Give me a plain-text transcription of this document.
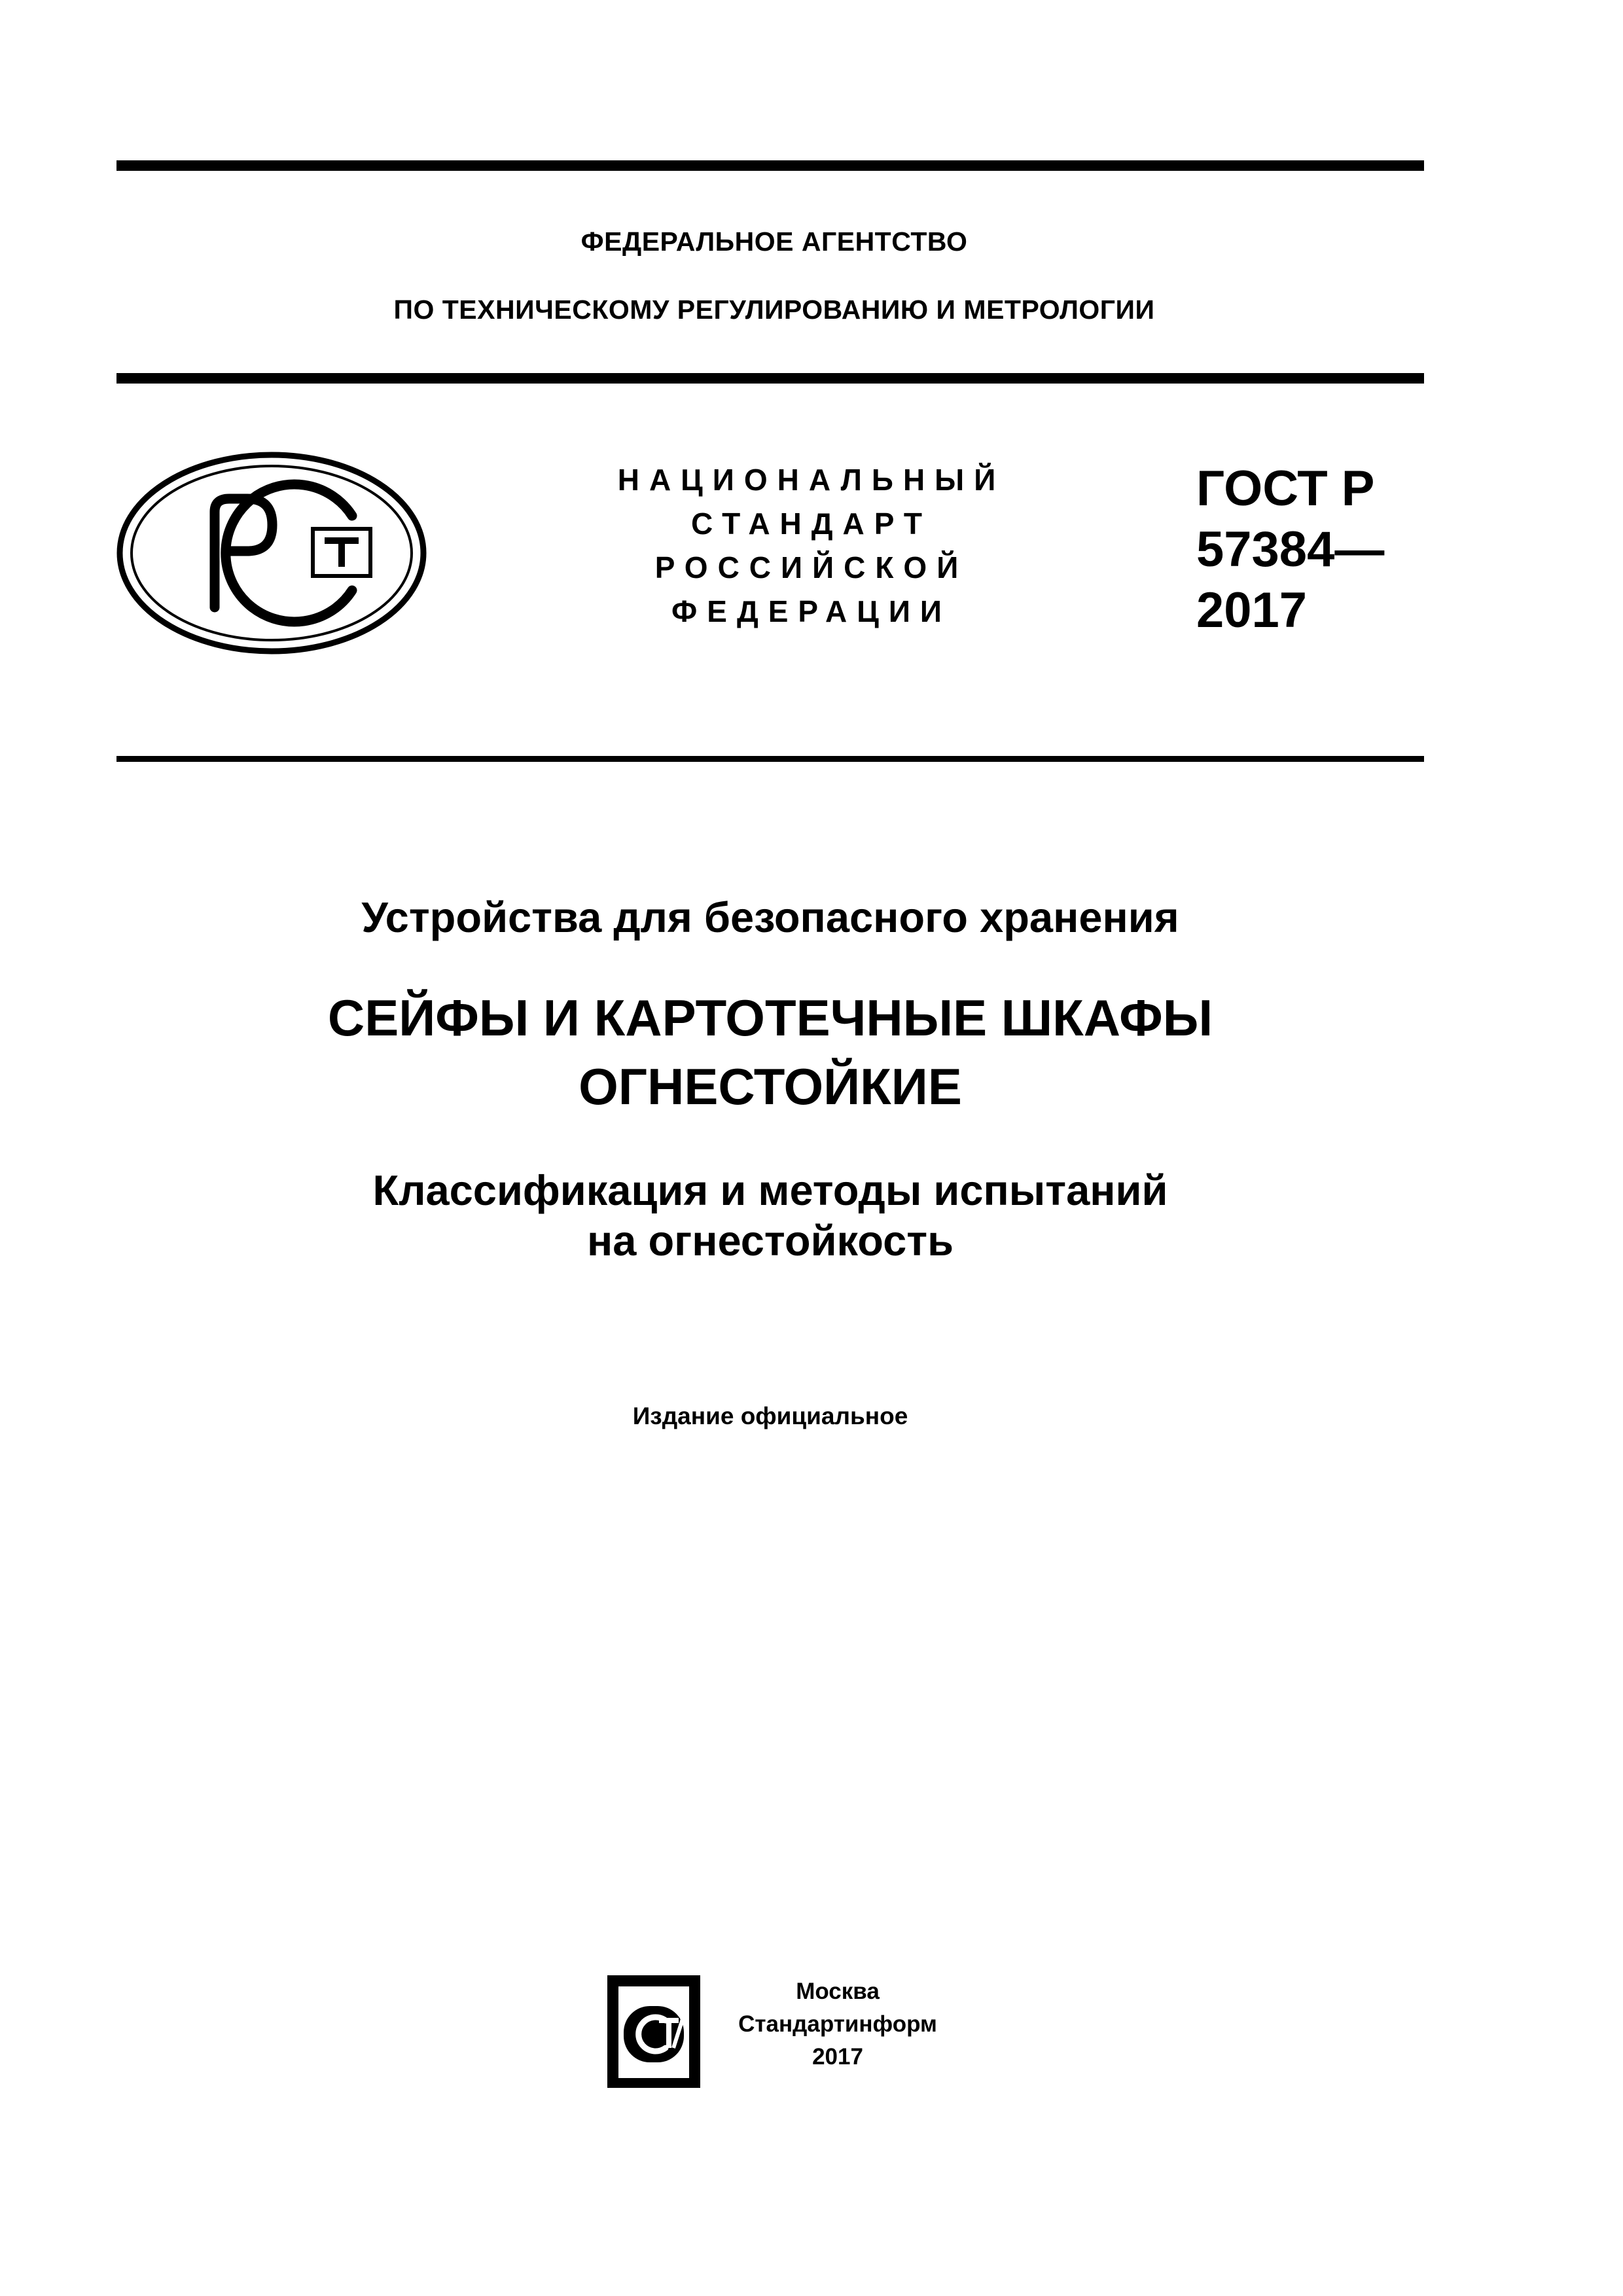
ФЕДЕРАЛЬНОЕ АГЕНТСТВО
ПО ТЕХНИЧЕСКОМУ РЕГУЛИРОВАНИЮ И МЕТРОЛОГИИ
НАЦИОНАЛЬНЫЙ
СТАНДАРТ
РОССИЙСКОЙ
ФЕДЕРАЦИИ
ГОСТ Р
57384—
2017
Устройства для безопасного хранения
СЕЙФЫ И КАРТОТЕЧНЫЕ ШКАФЫ
ОГНЕСТОЙКИЕ
Классификация и методы испытаний
на огнестойкость
Издание официальное
Москва
Стандартинформ
2017
